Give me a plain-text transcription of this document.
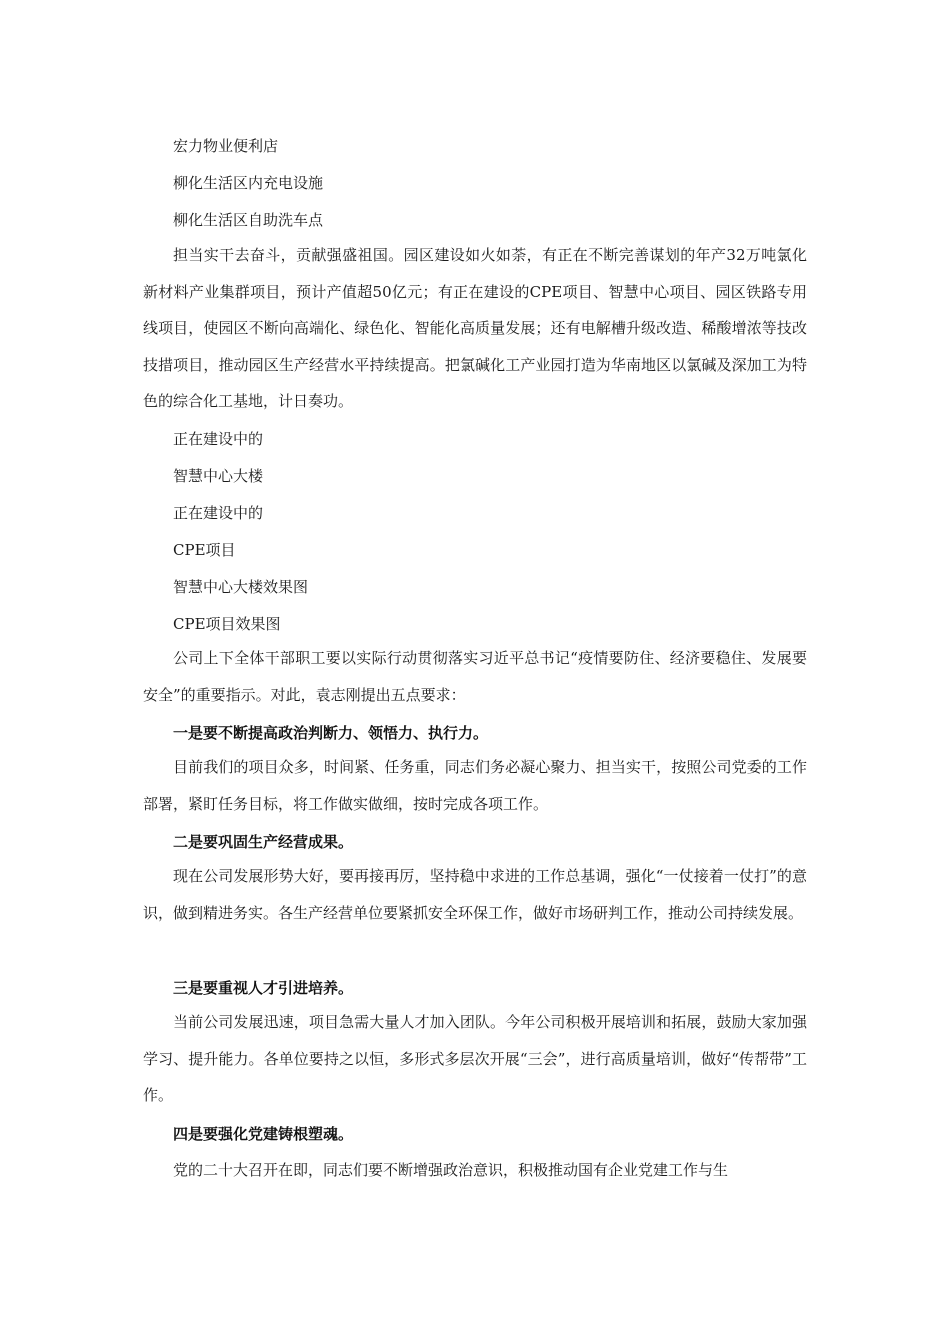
宏力物业便利店
柳化生活区内充电设施
柳化生活区自助洗车点
担当实干去奋斗，贡献强盛祖国。园区建设如火如荼，有正在不断完善谋划的年产32万吨氯化新材料产业集群项目，预计产值超50亿元；有正在建设的CPE项目、智慧中心项目、园区铁路专用线项目，使园区不断向高端化、绿色化、智能化高质量发展；还有电解槽升级改造、稀酸增浓等技改技措项目，推动园区生产经营水平持续提高。把氯碱化工产业园打造为华南地区以氯碱及深加工为特色的综合化工基地，计日奏功。
正在建设中的
智慧中心大楼
正在建设中的
CPE项目
智慧中心大楼效果图
CPE项目效果图
公司上下全体干部职工要以实际行动贯彻落实习近平总书记“疫情要防住、经济要稳住、发展要安全”的重要指示。对此，袁志刚提出五点要求：
一是要不断提高政治判断力、领悟力、执行力。
目前我们的项目众多，时间紧、任务重，同志们务必凝心聚力、担当实干，按照公司党委的工作部署，紧盯任务目标，将工作做实做细，按时完成各项工作。
二是要巩固生产经营成果。
现在公司发展形势大好，要再接再厉，坚持稳中求进的工作总基调，强化“一仗接着一仗打”的意识，做到精进务实。各生产经营单位要紧抓安全环保工作，做好市场研判工作，推动公司持续发展。
三是要重视人才引进培养。
当前公司发展迅速，项目急需大量人才加入团队。今年公司积极开展培训和拓展，鼓励大家加强学习、提升能力。各单位要持之以恒，多形式多层次开展“三会”，进行高质量培训，做好“传帮带”工作。
四是要强化党建铸根塑魂。
党的二十大召开在即，同志们要不断增强政治意识，积极推动国有企业党建工作与生
